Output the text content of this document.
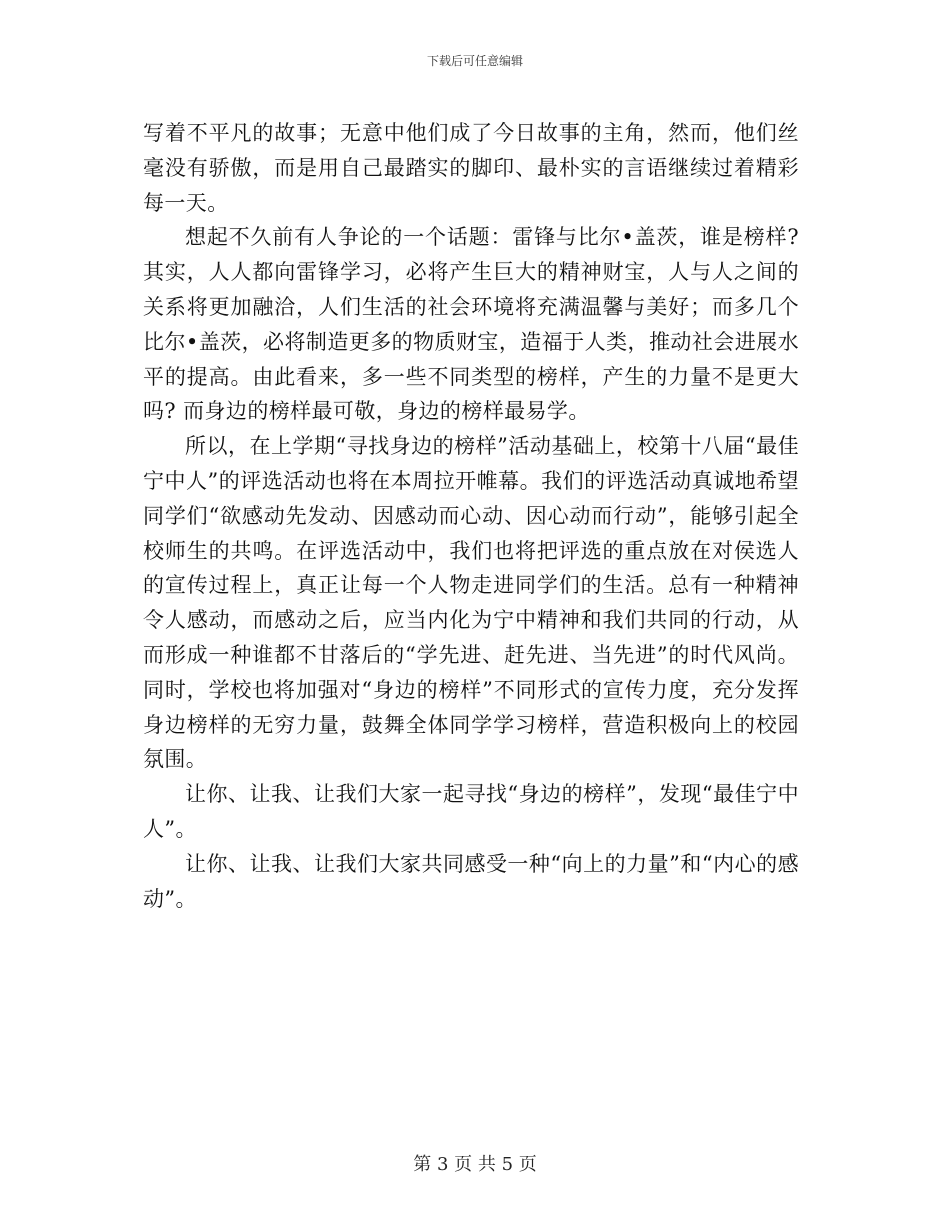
下载后可任意编辑

写着不平凡的故事；无意中他们成了今日故事的主角，然而，他们丝毫没有骄傲，而是用自己最踏实的脚印、最朴实的言语继续过着精彩每一天。

想起不久前有人争论的一个话题：雷锋与比尔•盖茨，谁是榜样?其实，人人都向雷锋学习，必将产生巨大的精神财宝，人与人之间的关系将更加融洽，人们生活的社会环境将充满温馨与美好；而多几个比尔•盖茨，必将制造更多的物质财宝，造福于人类，推动社会进展水平的提高。由此看来，多一些不同类型的榜样，产生的力量不是更大吗? 而身边的榜样最可敬，身边的榜样最易学。

所以，在上学期“寻找身边的榜样”活动基础上，校第十八届“最佳宁中人”的评选活动也将在本周拉开帷幕。我们的评选活动真诚地希望同学们“欲感动先发动、因感动而心动、因心动而行动”，能够引起全校师生的共鸣。在评选活动中，我们也将把评选的重点放在对侯选人的宣传过程上，真正让每一个人物走进同学们的生活。总有一种精神令人感动，而感动之后，应当内化为宁中精神和我们共同的行动，从而形成一种谁都不甘落后的“学先进、赶先进、当先进”的时代风尚。同时，学校也将加强对“身边的榜样”不同形式的宣传力度，充分发挥身边榜样的无穷力量，鼓舞全体同学学习榜样，营造积极向上的校园氛围。

让你、让我、让我们大家一起寻找“身边的榜样”，发现“最佳宁中人”。

让你、让我、让我们大家共同感受一种“向上的力量”和“内心的感动”。

第 3 页 共 5 页
